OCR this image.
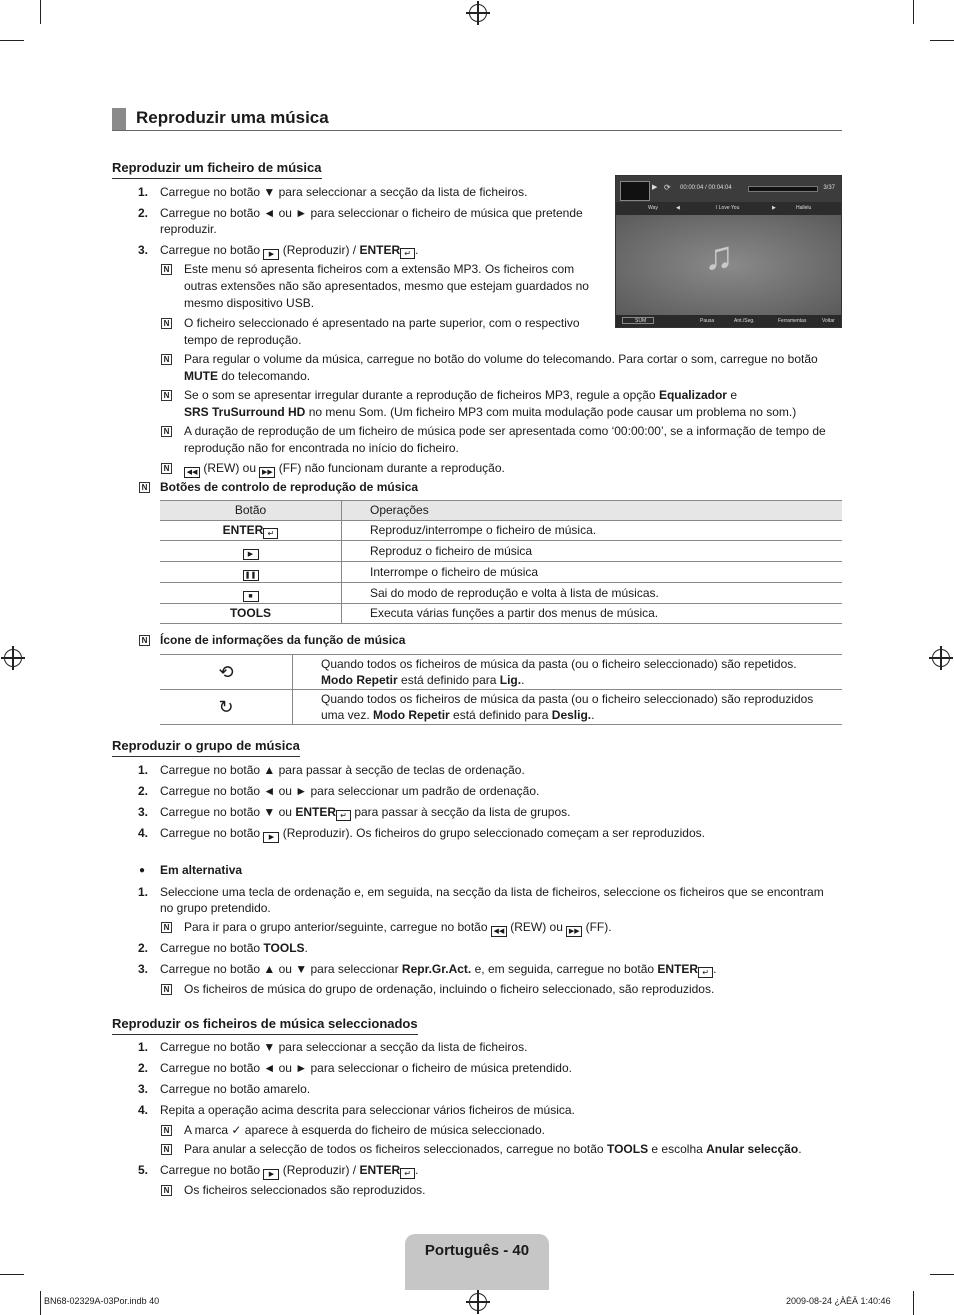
Reproduzir uma música
Reproduzir um ficheiro de música
1. Carregue no botão ▼ para seleccionar a secção da lista de ficheiros.
2. Carregue no botão ◄ ou ► para seleccionar o ficheiro de música que pretende
reproduzir.
3. Carregue no botão ▶ (Reproduzir) / ENTER ↵ .
N
Este menu só apresenta ficheiros com a extensão MP3. Os ficheiros com
outras extensões não são apresentados, mesmo que estejam guardados no
mesmo dispositivo USB.
N
O ficheiro seleccionado é apresentado na parte superior, com o respectivo
tempo de reprodução.
▶ ⟳ 00:00:04 / 00:04:04	3/37
Way	◀	I Love You	▶	Hallelu
♫
SUM	Pausa	Ant./Seg.	Ferramentas	Voltar
N
Para regular o volume da música, carregue no botão do volume do telecomando. Para cortar o som, carregue no botão
MUTE do telecomando.
N
Se o som se apresentar irregular durante a reprodução de ficheiros MP3, regule a opção Equalizador e
SRS TruSurround HD no menu Som. (Um ficheiro MP3 com muita modulação pode causar um problema no som.)
N
A duração de reprodução de um ficheiro de música pode ser apresentada como ‘00:00:00’, se a informação de tempo de
reprodução não for encontrada no início do ficheiro.
N
◀◀ (REW) ou ▶▶ (FF) não funcionam durante a reprodução.
N
Botões de controlo de reprodução de música
Botão	Operações
ENTER ↵	Reproduz/interrompe o ficheiro de música.
▶	Reproduz o ficheiro de música
❚❚	Interrompe o ficheiro de música
■	Sai do modo de reprodução e volta à lista de músicas.
TOOLS	Executa várias funções a partir dos menus de música.
N
Ícone de informações da função de música
⟲	Quando todos os ficheiros de música da pasta (ou o ficheiro seleccionado) são repetidos.
Modo Repetir está definido para Lig..

↻	Quando todos os ficheiros de música da pasta (ou o ficheiro seleccionado) são reproduzidos
uma vez. Modo Repetir está definido para Deslig..
Reproduzir o grupo de música
1. Carregue no botão ▲ para passar à secção de teclas de ordenação.
2. Carregue no botão ◄ ou ► para seleccionar um padrão de ordenação.
3. Carregue no botão ▼ ou ENTER ↵ para passar à secção da lista de grupos.
4. Carregue no botão ▶ (Reproduzir). Os ficheiros do grupo seleccionado começam a ser reproduzidos.
● Em alternativa
1. Seleccione uma tecla de ordenação e, em seguida, na secção da lista de ficheiros, seleccione os ficheiros que se encontram
no grupo pretendido.
N
Para ir para o grupo anterior/seguinte, carregue no botão ◀◀ (REW) ou ▶▶ (FF).
2. Carregue no botão TOOLS.
3. Carregue no botão ▲ ou ▼ para seleccionar Repr.Gr.Act. e, em seguida, carregue no botão ENTER ↵ .
N
Os ficheiros de música do grupo de ordenação, incluindo o ficheiro seleccionado, são reproduzidos.
Reproduzir os ficheiros de música seleccionados
1. Carregue no botão ▼ para seleccionar a secção da lista de ficheiros.
2. Carregue no botão ◄ ou ► para seleccionar o ficheiro de música pretendido.
3. Carregue no botão amarelo.
4. Repita a operação acima descrita para seleccionar vários ficheiros de música.
N
A marca ✓ aparece à esquerda do ficheiro de música seleccionado.
N
Para anular a selecção de todos os ficheiros seleccionados, carregue no botão TOOLS e escolha Anular selecção.
5. Carregue no botão ▶ (Reproduzir) / ENTER ↵ .
N
Os ficheiros seleccionados são reproduzidos.
Português - 40
BN68-02329A-03Por.indb 40	2009-08-24 ¿ÀÈÄ 1:40:46
